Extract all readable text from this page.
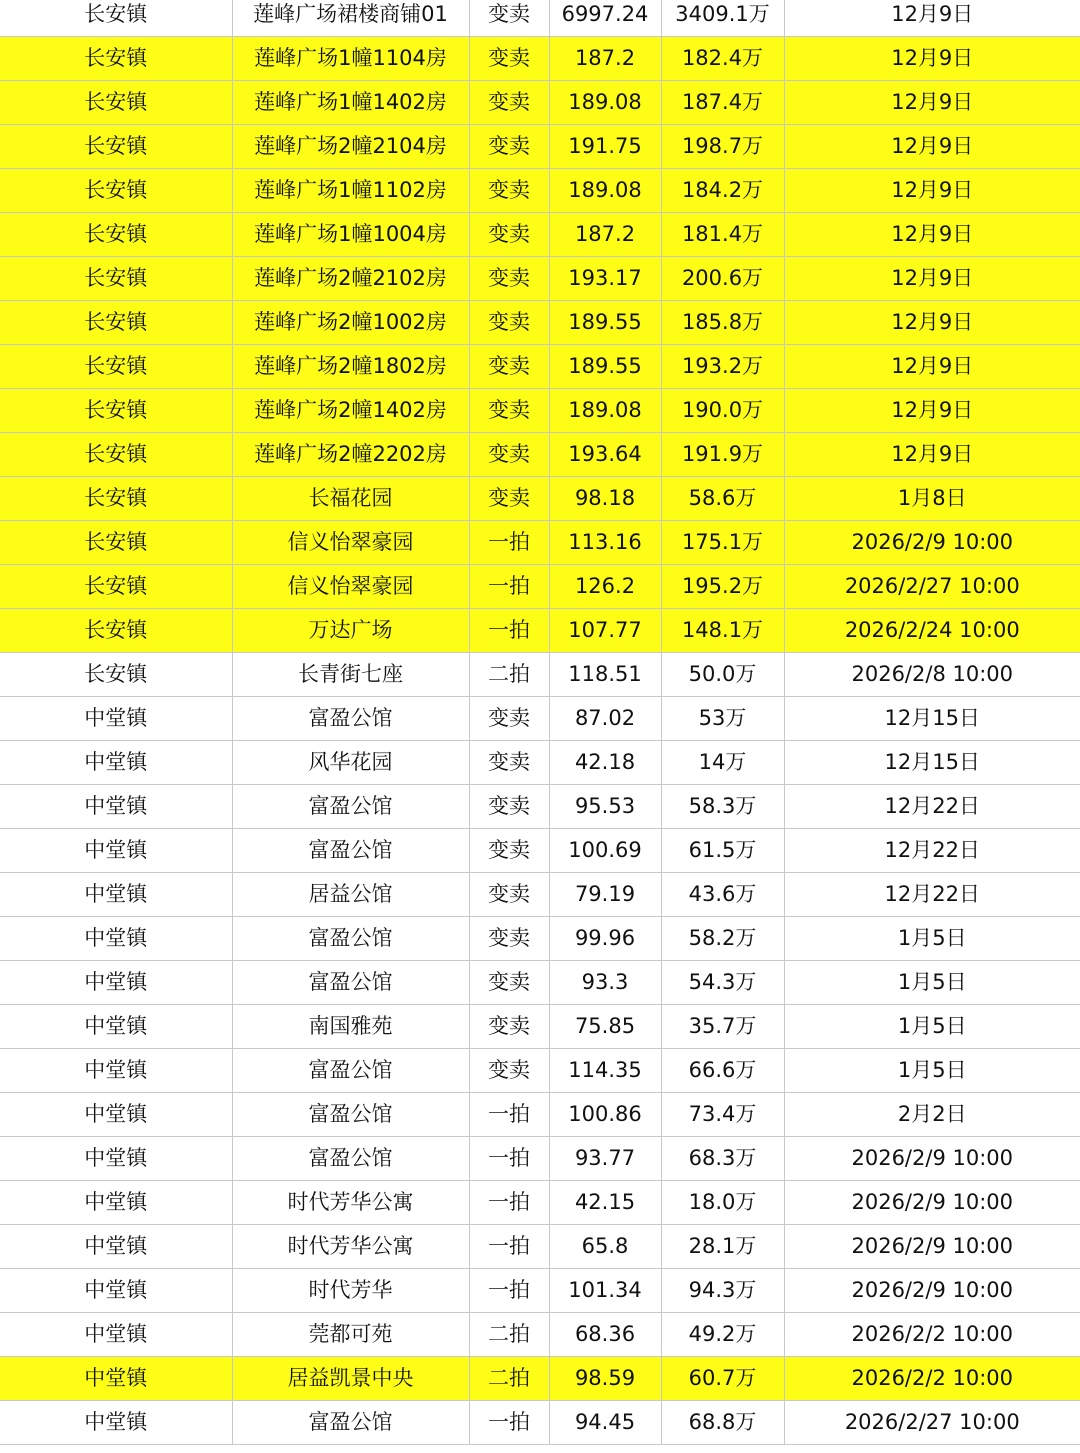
长安镇	莲峰广场裙楼商铺01	变卖	6997.24	3409.1万	12月9日
长安镇	莲峰广场1幢1104房	变卖	187.2	182.4万	12月9日
长安镇	莲峰广场1幢1402房	变卖	189.08	187.4万	12月9日
长安镇	莲峰广场2幢2104房	变卖	191.75	198.7万	12月9日
长安镇	莲峰广场1幢1102房	变卖	189.08	184.2万	12月9日
长安镇	莲峰广场1幢1004房	变卖	187.2	181.4万	12月9日
长安镇	莲峰广场2幢2102房	变卖	193.17	200.6万	12月9日
长安镇	莲峰广场2幢1002房	变卖	189.55	185.8万	12月9日
长安镇	莲峰广场2幢1802房	变卖	189.55	193.2万	12月9日
长安镇	莲峰广场2幢1402房	变卖	189.08	190.0万	12月9日
长安镇	莲峰广场2幢2202房	变卖	193.64	191.9万	12月9日
长安镇	长福花园	变卖	98.18	58.6万	1月8日
长安镇	信义怡翠豪园	一拍	113.16	175.1万	2026/2/9 10:00
长安镇	信义怡翠豪园	一拍	126.2	195.2万	2026/2/27 10:00
长安镇	万达广场	一拍	107.77	148.1万	2026/2/24 10:00
长安镇	长青街七座	二拍	118.51	50.0万	2026/2/8 10:00
中堂镇	富盈公馆	变卖	87.02	53万	12月15日
中堂镇	风华花园	变卖	42.18	14万	12月15日
中堂镇	富盈公馆	变卖	95.53	58.3万	12月22日
中堂镇	富盈公馆	变卖	100.69	61.5万	12月22日
中堂镇	居益公馆	变卖	79.19	43.6万	12月22日
中堂镇	富盈公馆	变卖	99.96	58.2万	1月5日
中堂镇	富盈公馆	变卖	93.3	54.3万	1月5日
中堂镇	南国雅苑	变卖	75.85	35.7万	1月5日
中堂镇	富盈公馆	变卖	114.35	66.6万	1月5日
中堂镇	富盈公馆	一拍	100.86	73.4万	2月2日
中堂镇	富盈公馆	一拍	93.77	68.3万	2026/2/9 10:00
中堂镇	时代芳华公寓	一拍	42.15	18.0万	2026/2/9 10:00
中堂镇	时代芳华公寓	一拍	65.8	28.1万	2026/2/9 10:00
中堂镇	时代芳华	一拍	101.34	94.3万	2026/2/9 10:00
中堂镇	莞都可苑	二拍	68.36	49.2万	2026/2/2 10:00
中堂镇	居益凯景中央	二拍	98.59	60.7万	2026/2/2 10:00
中堂镇	富盈公馆	一拍	94.45	68.8万	2026/2/27 10:00
